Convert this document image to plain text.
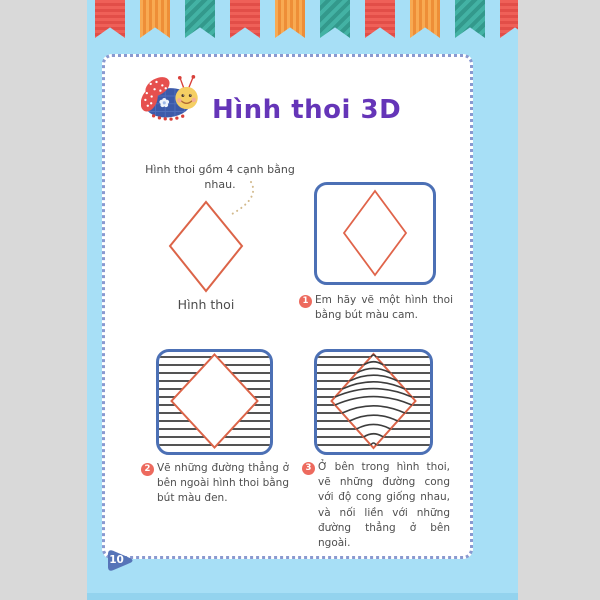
Hình thoi 3D
Hình thoi gồm 4 cạnh bằng nhau.
Hình thoi	1 Em hãy vẽ một hình thoi bằng bút màu cam.
2 Vẽ những đường thẳng ở bên ngoài hình thoi bằng bút màu đen.
3 Ở bên trong hình thoi, vẽ những đường cong với độ cong giống nhau, và nối liền với những đường thẳng ở bên ngoài.
10
